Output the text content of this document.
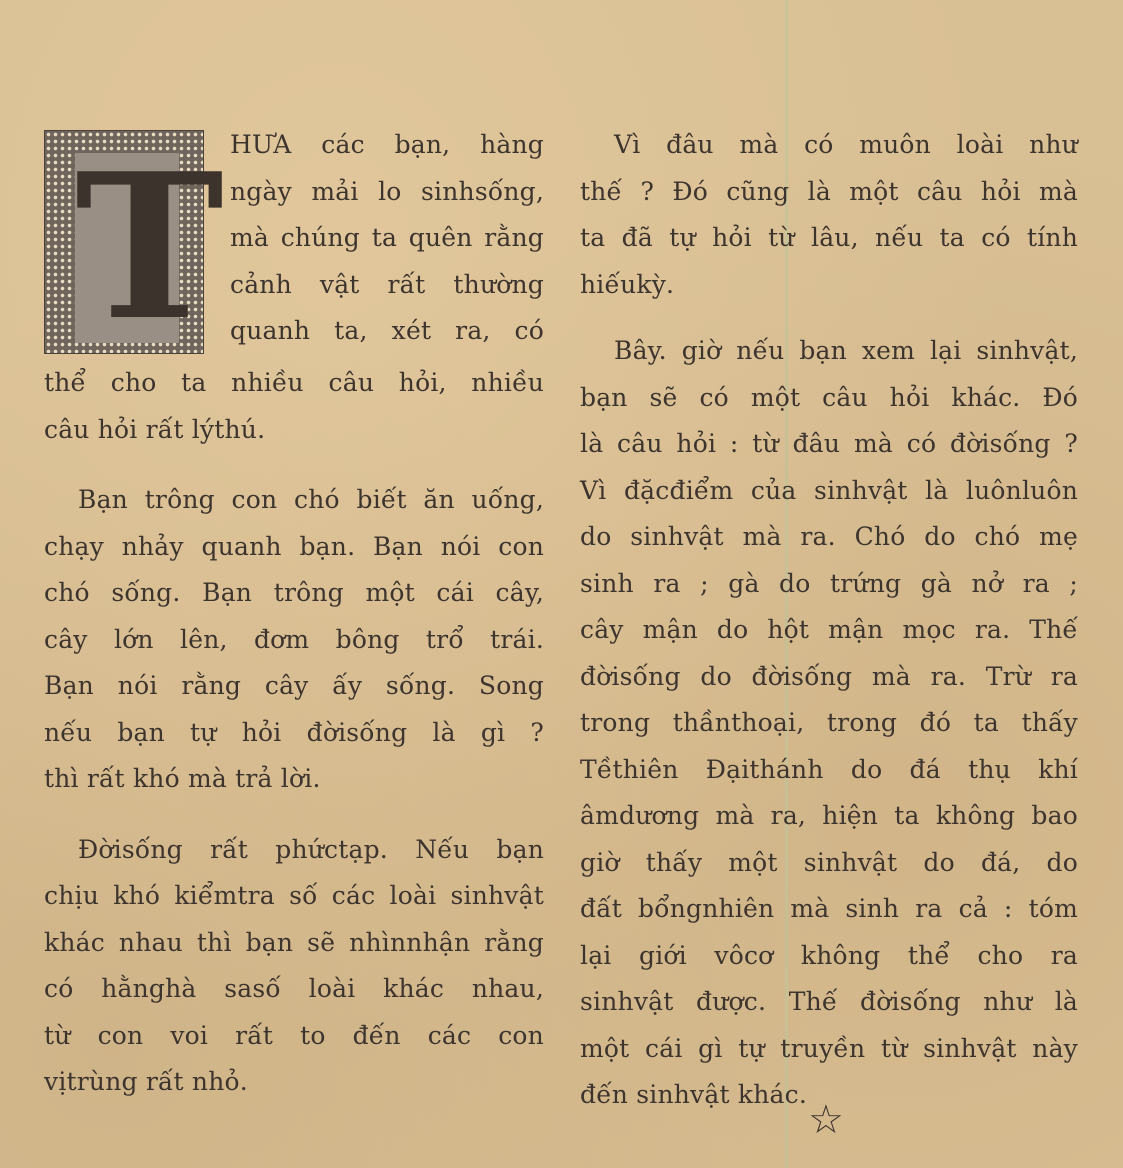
T HƯA các bạn, hàng
ngày mải lo sinhsống,
mà chúng ta quên rằng
cảnh vật rất thường
quanh ta, xét ra, có
thể cho ta nhiều câu hỏi, nhiều
câu hỏi rất lýthú.
Bạn trông con chó biết ăn uống,
chạy nhảy quanh bạn. Bạn nói con
chó sống. Bạn trông một cái cây,
cây lớn lên, đơm bông trổ trái.
Bạn nói rằng cây ấy sống. Song
nếu bạn tự hỏi đờisống là gì ?
thì rất khó mà trả lời.
Đờisống rất phứctạp. Nếu bạn
chịu khó kiểmtra số các loài sinhvật
khác nhau thì bạn sẽ nhìnnhận rằng
có hằnghà sasố loài khác nhau,
từ con voi rất to đến các con
vịtrùng rất nhỏ.
Vì đâu mà có muôn loài như
thế ? Đó cũng là một câu hỏi mà
ta đã tự hỏi từ lâu, nếu ta có tính
hiếukỳ.
Bây. giờ nếu bạn xem lại sinhvật,
bạn sẽ có một câu hỏi khác. Đó
là câu hỏi : từ đâu mà có đờisống ?
Vì đặcđiểm của sinhvật là luônluôn
do sinhvật mà ra. Chó do chó mẹ
sinh ra ; gà do trứng gà nở ra ;
cây mận do hột mận mọc ra. Thế
đờisống do đờisống mà ra. Trừ ra
trong thầnthoại, trong đó ta thấy
Tềthiên Đạithánh do đá thụ khí
âmdương mà ra, hiện ta không bao
giờ thấy một sinhvật do đá, do
đất bổngnhiên mà sinh ra cả : tóm
lại giới vôcơ không thể cho ra
sinhvật được. Thế đờisống như là
một cái gì tự truyền từ sinhvật này
đến sinhvật khác.
☆
